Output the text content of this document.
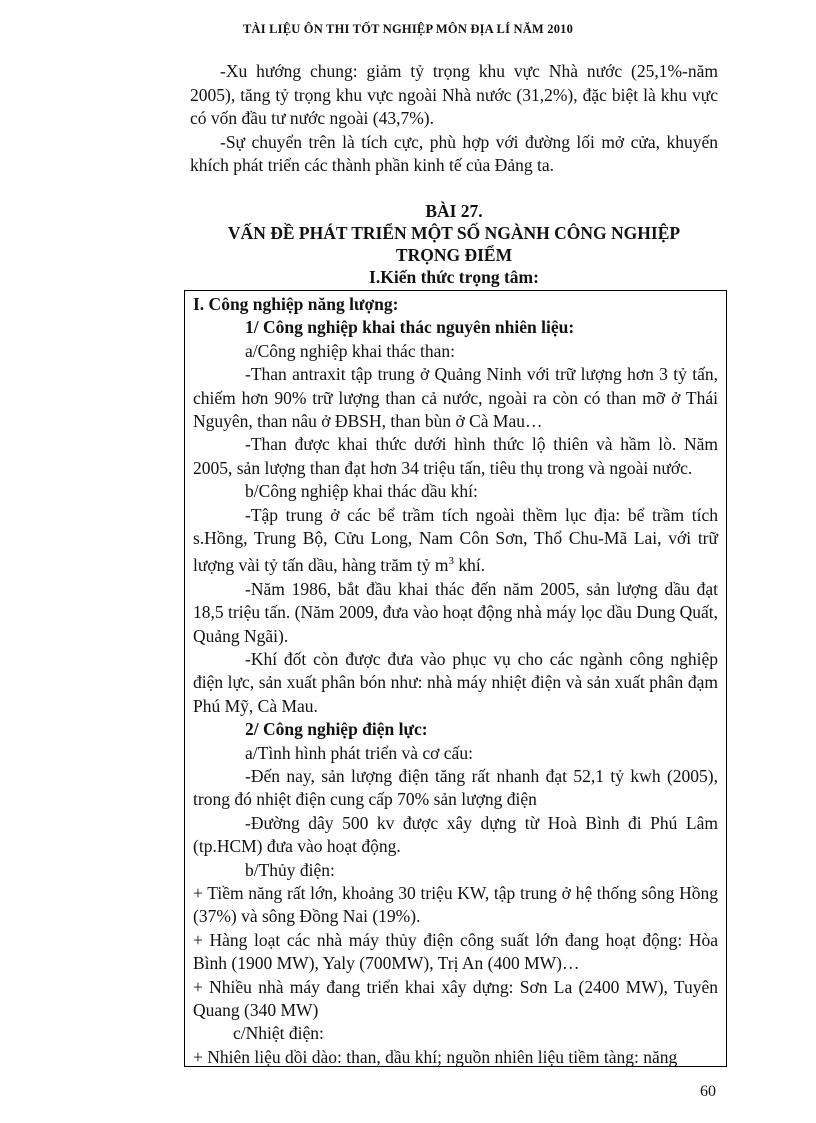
TÀI LIỆU ÔN THI TỐT NGHIỆP MÔN ĐỊA LÍ NĂM 2010

-Xu hướng chung: giảm tỷ trọng khu vực Nhà nước (25,1%-năm 2005), tăng tỷ trọng khu vực ngoài Nhà nước (31,2%), đặc biệt là khu vực có vốn đầu tư nước ngoài (43,7%).

-Sự chuyển trên là tích cực, phù hợp với đường lối mở cửa, khuyến khích phát triển các thành phần kinh tế của Đảng ta.

BÀI 27.
VẤN ĐỀ PHÁT TRIỂN MỘT SỐ NGÀNH CÔNG NGHIỆP TRỌNG ĐIỂM
I.Kiến thức trọng tâm:

I. Công nghiệp năng lượng:

1/ Công nghiệp khai thác nguyên nhiên liệu:

a/Công nghiệp khai thác than:

-Than antraxit tập trung ở Quảng Ninh với trữ lượng hơn 3 tỷ tấn, chiếm hơn 90% trữ lượng than cả nước, ngoài ra còn có than mỡ ở Thái Nguyên, than nâu ở ĐBSH, than bùn ở Cà Mau…

-Than được khai thức dưới hình thức lộ thiên và hầm lò. Năm 2005, sản lượng than đạt hơn 34 triệu tấn, tiêu thụ trong và ngoài nước.

b/Công nghiệp khai thác dầu khí:

-Tập trung ở các bể trầm tích ngoài thềm lục địa: bể trầm tích s.Hồng, Trung Bộ, Cửu Long, Nam Côn Sơn, Thổ Chu-Mã Lai, với trữ lượng vài tỷ tấn dầu, hàng trăm tỷ $m^3$ khí.

-Năm 1986, bắt đầu khai thác đến năm 2005, sản lượng dầu đạt 18,5 triệu tấn. (Năm 2009, đưa vào hoạt động nhà máy lọc dầu Dung Quất, Quảng Ngãi).

-Khí đốt còn được đưa vào phục vụ cho các ngành công nghiệp điện lực, sản xuất phân bón như: nhà máy nhiệt điện và sản xuất phân đạm Phú Mỹ, Cà Mau.

2/ Công nghiệp điện lực:

a/Tình hình phát triển và cơ cấu:

-Đến nay, sản lượng điện tăng rất nhanh đạt 52,1 tỷ kwh (2005), trong đó nhiệt điện cung cấp 70% sản lượng điện

-Đường dây 500 kv được xây dựng từ Hoà Bình đi Phú Lâm (tp.HCM) đưa vào hoạt động.

b/Thủy điện:

+ Tiềm năng rất lớn, khoảng 30 triệu KW, tập trung ở hệ thống sông Hồng (37%) và sông Đồng Nai (19%).

+ Hàng loạt các nhà máy thủy điện công suất lớn đang hoạt động: Hòa Bình (1900 MW), Yaly (700MW), Trị An (400 MW)…

+ Nhiều nhà máy đang triển khai xây dựng: Sơn La (2400 MW), Tuyên Quang (340 MW)

c/Nhiệt điện:

+ Nhiên liệu dồi dào: than, dầu khí; nguồn nhiên liệu tiềm tàng: năng

60
